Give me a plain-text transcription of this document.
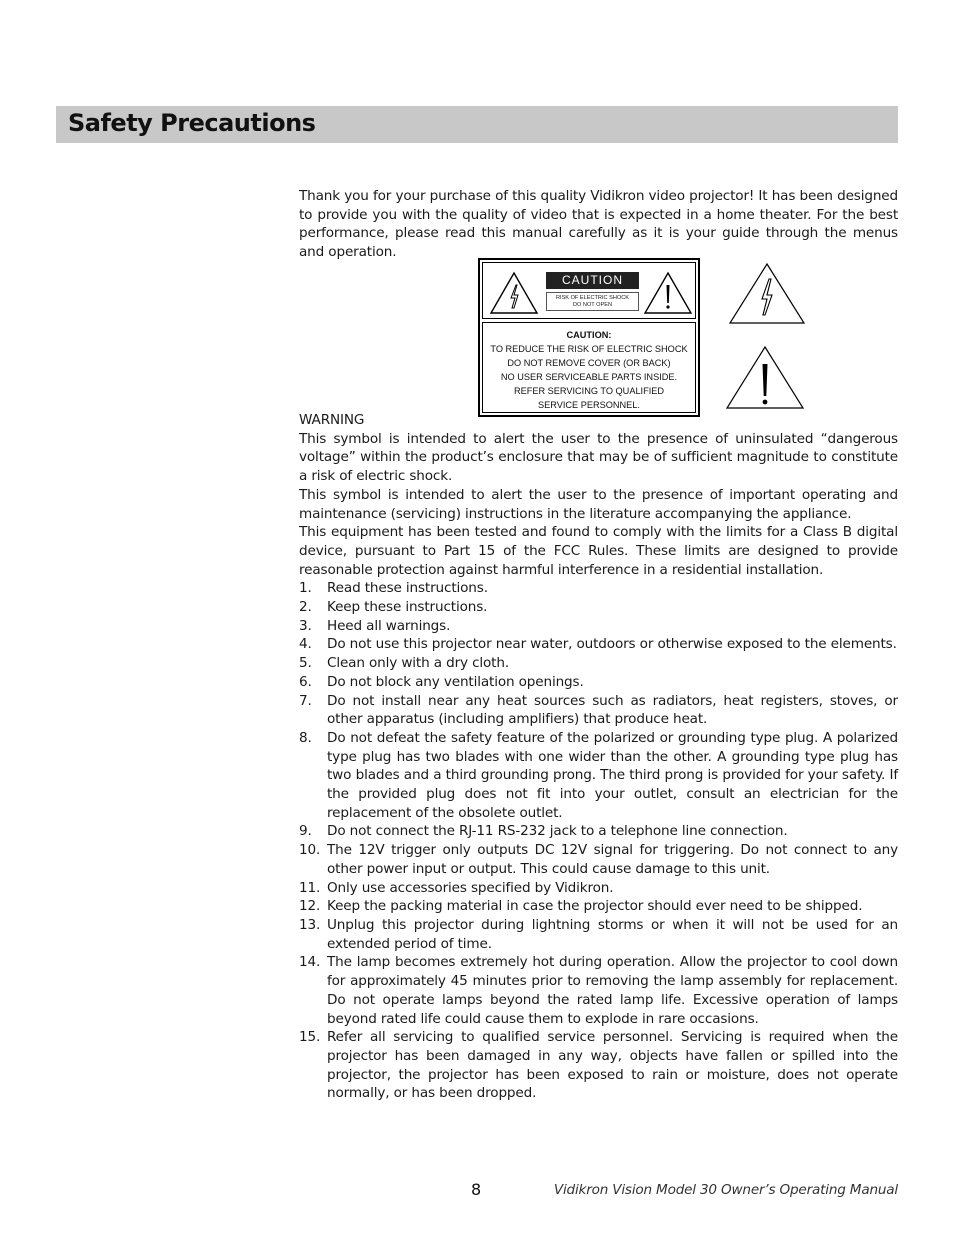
Safety Precautions

Thank you for your purchase of this quality Vidikron video projector! It has been designed to provide you with the quality of video that is expected in a home theater. For the best performance, please read this manual carefully as it is your guide through the menus and operation.

CAUTION
RISK OF ELECTRIC SHOCK
DO NOT OPEN
CAUTION:
TO REDUCE THE RISK OF ELECTRIC SHOCK
DO NOT REMOVE COVER (OR BACK)
NO USER SERVICEABLE PARTS INSIDE.
REFER SERVICING TO QUALIFIED
SERVICE PERSONNEL.

WARNING

This symbol is intended to alert the user to the presence of uninsulated “dangerous voltage” within the product’s enclosure that may be of sufficient magnitude to constitute a risk of electric shock.

This symbol is intended to alert the user to the presence of important operating and maintenance (servicing) instructions in the literature accompanying the appliance.

This equipment has been tested and found to comply with the limits for a Class B digital device, pursuant to Part 15 of the FCC Rules. These limits are designed to provide reasonable protection against harmful interference in a residential installation.

1. Read these instructions.
2. Keep these instructions.
3. Heed all warnings.
4. Do not use this projector near water, outdoors or otherwise exposed to the elements.
5. Clean only with a dry cloth.
6. Do not block any ventilation openings.
7. Do not install near any heat sources such as radiators, heat registers, stoves, or other apparatus (including amplifiers) that produce heat.
8. Do not defeat the safety feature of the polarized or grounding type plug. A polarized type plug has two blades with one wider than the other. A grounding type plug has two blades and a third grounding prong. The third prong is provided for your safety. If the provided plug does not fit into your outlet, consult an electrician for the replacement of the obsolete outlet.
9. Do not connect the RJ-11 RS-232 jack to a telephone line connection.
10. The 12V trigger only outputs DC 12V signal for triggering. Do not connect to any other power input or output. This could cause damage to this unit.
11. Only use accessories specified by Vidikron.
12. Keep the packing material in case the projector should ever need to be shipped.
13. Unplug this projector during lightning storms or when it will not be used for an extended period of time.
14. The lamp becomes extremely hot during operation. Allow the projector to cool down for approximately 45 minutes prior to removing the lamp assembly for replacement. Do not operate lamps beyond the rated lamp life. Excessive operation of lamps beyond rated life could cause them to explode in rare occasions.
15. Refer all servicing to qualified service personnel. Servicing is required when the projector has been damaged in any way, objects have fallen or spilled into the projector, the projector has been exposed to rain or moisture, does not operate normally, or has been dropped.
8	Vidikron Vision Model 30 Owner’s Operating Manual
